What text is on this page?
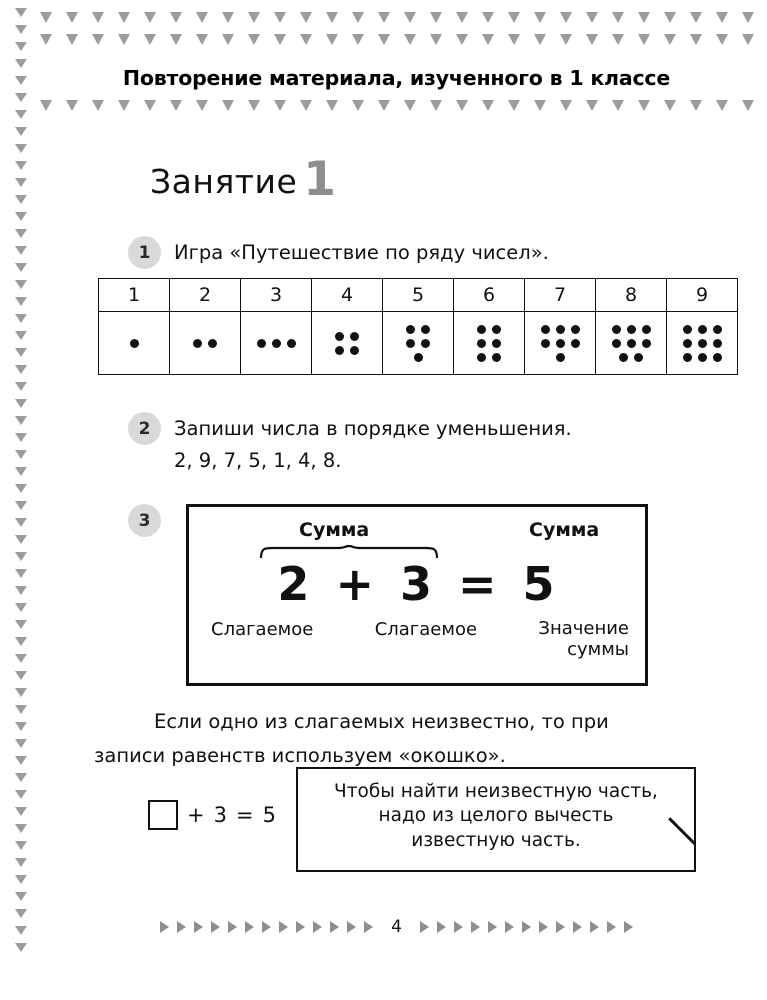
Повторение материала, изученного в 1 классе
Занятие 1
1	Игра «Путешествие по ряду чисел».
1	2	3	4	5	6	7	8	9

2	Запиши числа в порядке уменьшения.
2, 9, 7, 5, 1, 4, 8.
3	Сумма	Сумма
2 + 3 = 5
Слагаемое	Слагаемое	Значение
суммы
Если одно из слагаемых неизвестно, то при
записи равенств используем «окошко».
+ 3 = 5
Чтобы найти неизвестную часть,
надо из целого вычесть
известную часть.
4
